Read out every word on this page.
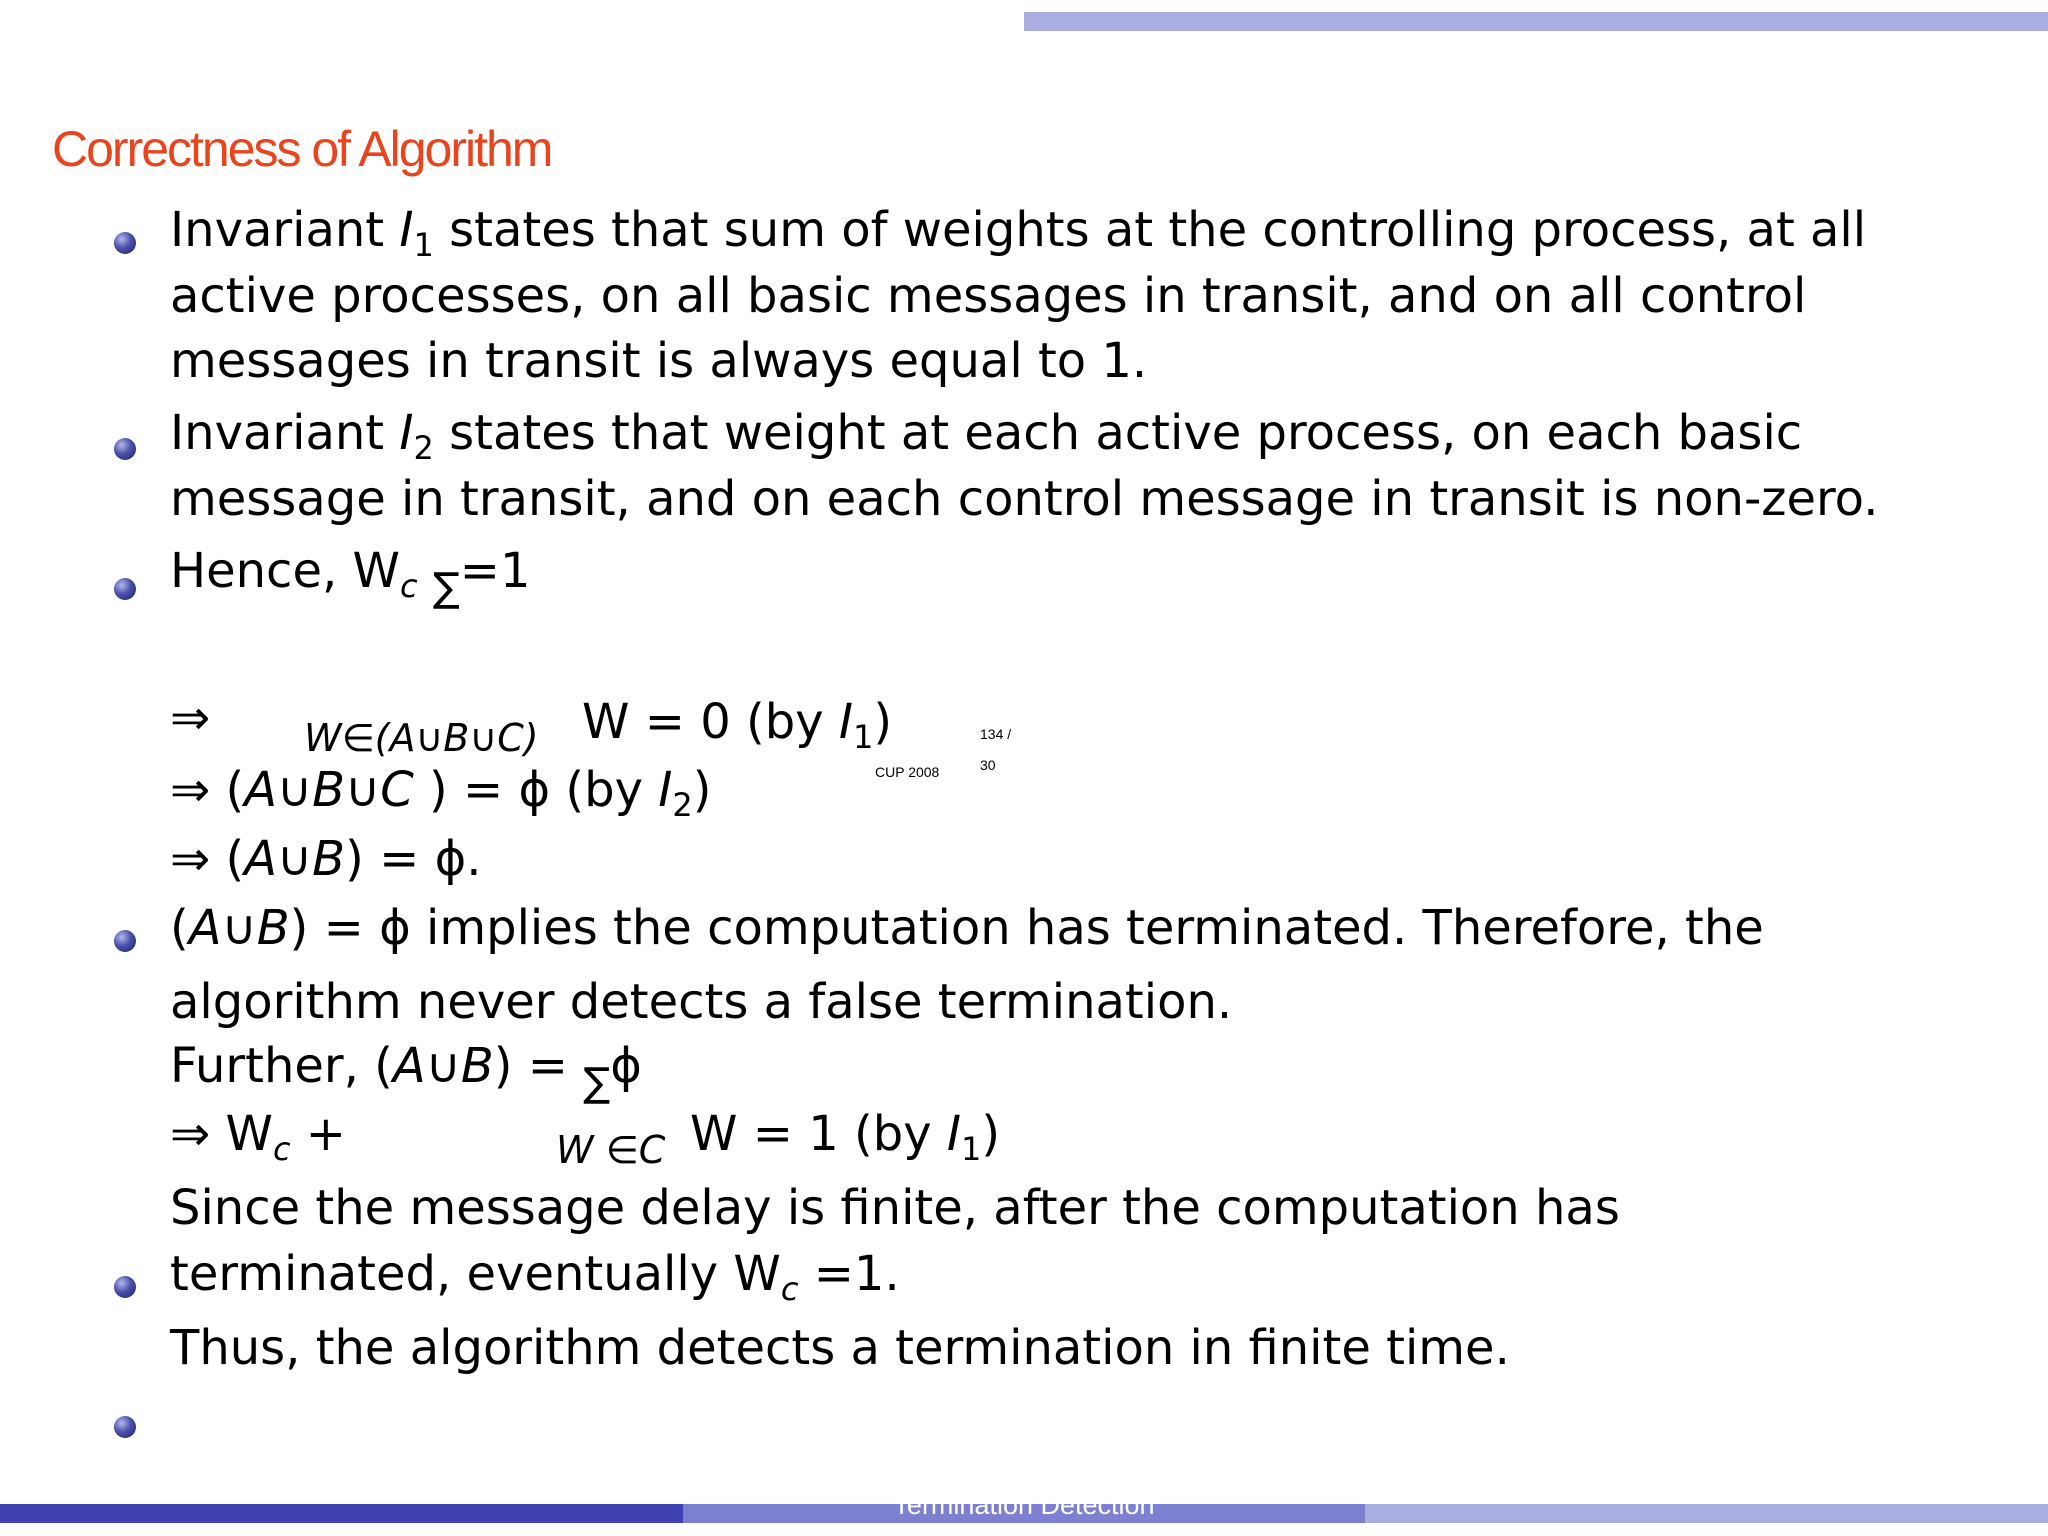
Correctness of Algorithm
Invariant $I_1$ states that sum of weights at the controlling process, at all
active processes, on all basic messages in transit, and on all control
messages in transit is always equal to 1.
Invariant $I_2$ states that weight at each active process, on each basic
message in transit, and on each control message in transit is non-zero.
Hence, $W_c$ $_\sum$=1
⇒ W∈(A∪B∪C) W = 0 (by $I_1$)
⇒ (A∪B∪C ) = ϕ (by $I_2$)
⇒ (A∪B) = ϕ.
134 /
30
CUP 2008
(A∪B) = ϕ implies the computation has terminated. Therefore, the
algorithm never detects a false termination.
Further, (A∪B) = $_\sum$ϕ
⇒ $W_c$ +	W ∈C W = 1 (by $I_1$)
Since the message delay is finite, after the computation has
terminated, eventually $W_c =1$.
Thus, the algorithm detects a termination in finite time.
Termination Detection
